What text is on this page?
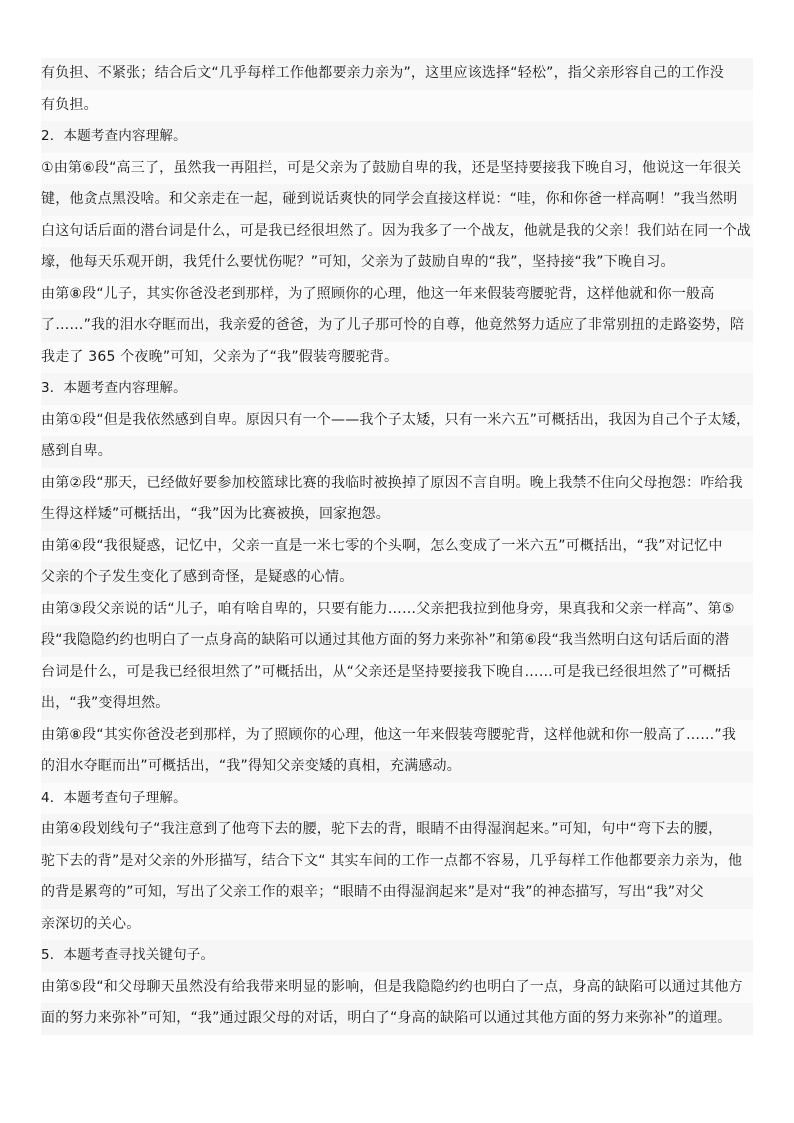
有负担、不紧张；结合后文“几乎每样工作他都要亲力亲为”，这里应该选择“轻松”，指父亲形容自己的工作没
有负担。
2．本题考查内容理解。
①由第⑥段“高三了，虽然我一再阻拦，可是父亲为了鼓励自卑的我，还是坚持要接我下晚自习，他说这一年很关
键，他贪点黑没啥。和父亲走在一起，碰到说话爽快的同学会直接这样说：“哇，你和你爸一样高啊！”我当然明
白这句话后面的潜台词是什么，可是我已经很坦然了。因为我多了一个战友，他就是我的父亲！我们站在同一个战
壕，他每天乐观开朗，我凭什么要忧伤呢？”可知，父亲为了鼓励自卑的“我”，坚持接“我”下晚自习。
由第⑧段“儿子，其实你爸没老到那样，为了照顾你的心理，他这一年来假装弯腰驼背，这样他就和你一般高
了……”我的泪水夺眶而出，我亲爱的爸爸，为了儿子那可怜的自尊，他竟然努力适应了非常别扭的走路姿势，陪
我走了 365 个夜晚”可知，父亲为了“我”假装弯腰驼背。
3．本题考查内容理解。
由第①段“但是我依然感到自卑。原因只有一个——我个子太矮，只有一米六五”可概括出，我因为自己个子太矮，
感到自卑。
由第②段“那天，已经做好要参加校篮球比赛的我临时被换掉了原因不言自明。晚上我禁不住向父母抱怨：咋给我
生得这样矮”可概括出，“我”因为比赛被换，回家抱怨。
由第④段“我很疑惑，记忆中，父亲一直是一米七零的个头啊，怎么变成了一米六五”可概括出，“我”对记忆中
父亲的个子发生变化了感到奇怪，是疑惑的心情。
由第③段父亲说的话“儿子，咱有啥自卑的，只要有能力……父亲把我拉到他身旁，果真我和父亲一样高”、第⑤
段“我隐隐约约也明白了一点身高的缺陷可以通过其他方面的努力来弥补”和第⑥段“我当然明白这句话后面的潜
台词是什么，可是我已经很坦然了”可概括出，从“父亲还是坚持要接我下晚自……可是我已经很坦然了”可概括
出，“我”变得坦然。
由第⑧段“其实你爸没老到那样，为了照顾你的心理，他这一年来假装弯腰驼背，这样他就和你一般高了……”我
的泪水夺眶而出”可概括出，“我”得知父亲变矮的真相，充满感动。
4．本题考查句子理解。
由第④段划线句子“我注意到了他弯下去的腰，驼下去的背，眼睛不由得湿润起来。”可知，句中“弯下去的腰，
驼下去的背”是对父亲的外形描写，结合下文“ 其实车间的工作一点都不容易，几乎每样工作他都要亲力亲为，他
的背是累弯的”可知，写出了父亲工作的艰辛；“眼睛不由得湿润起来”是对“我”的神态描写，写出“我”对父
亲深切的关心。
5．本题考查寻找关键句子。
由第⑤段“和父母聊天虽然没有给我带来明显的影响，但是我隐隐约约也明白了一点，身高的缺陷可以通过其他方
面的努力来弥补”可知，“我”通过跟父母的对话，明白了“身高的缺陷可以通过其他方面的努力来弥补”的道理。
